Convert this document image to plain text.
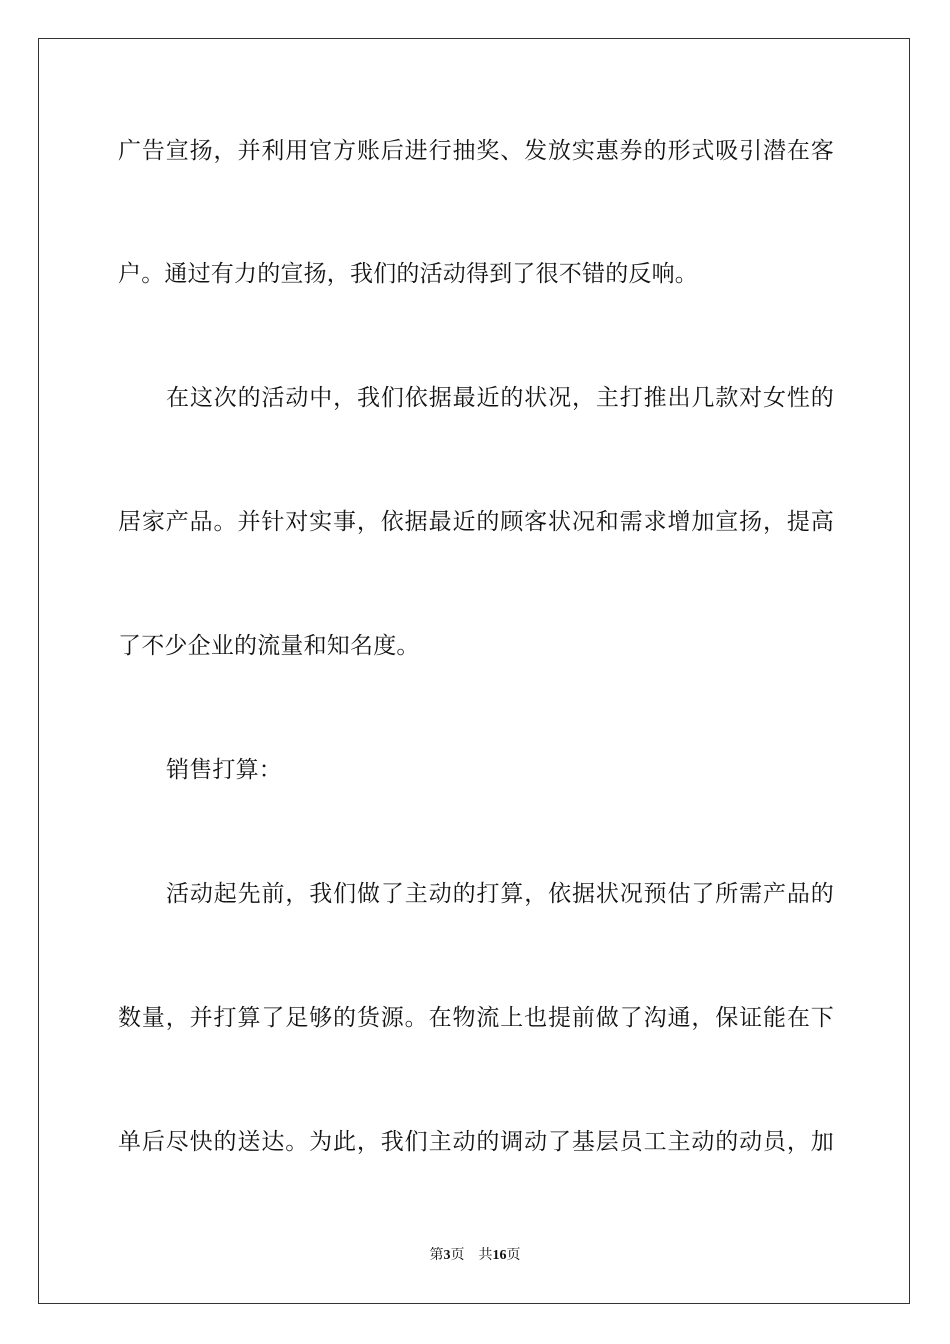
广告宣扬，并利用官方账后进行抽奖、发放实惠券的形式吸引潜在客
户。通过有力的宣扬，我们的活动得到了很不错的反响。
在这次的活动中，我们依据最近的状况，主打推出几款对女性的
居家产品。并针对实事，依据最近的顾客状况和需求增加宣扬，提高
了不少企业的流量和知名度。
销售打算：
活动起先前，我们做了主动的打算，依据状况预估了所需产品的
数量，并打算了足够的货源。在物流上也提前做了沟通，保证能在下
单后尽快的送达。为此，我们主动的调动了基层员工主动的动员，加
第3页 共16页
